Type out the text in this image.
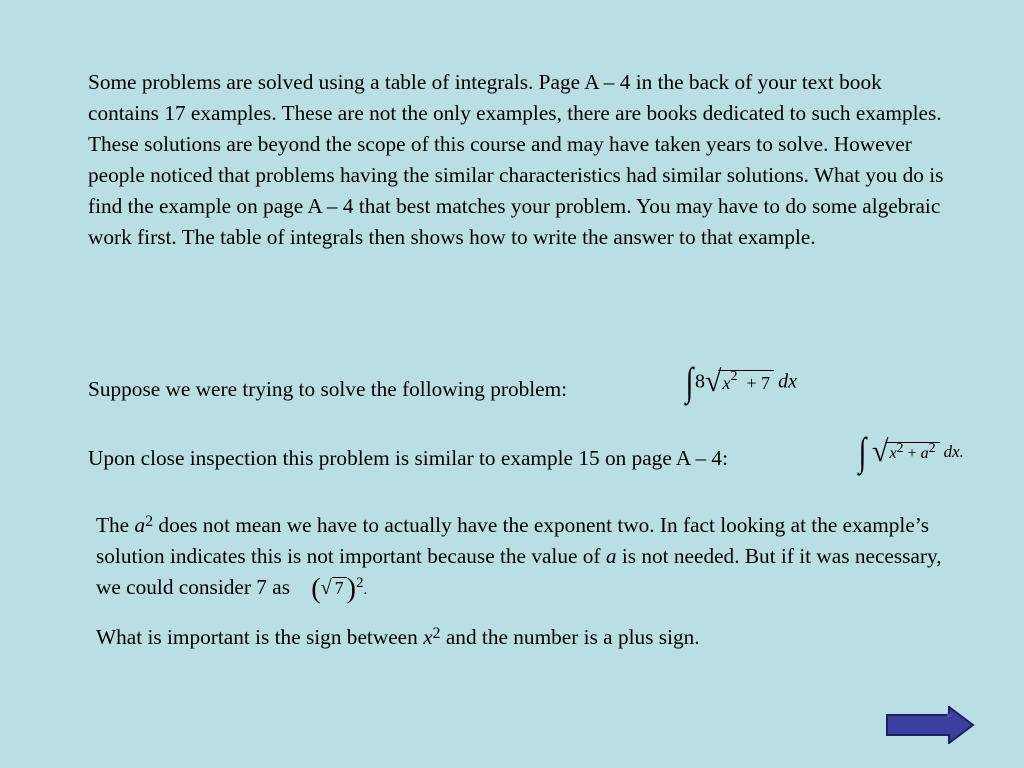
Some problems are solved using a table of integrals. Page A – 4 in the back of your text book contains 17 examples. These are not the only examples, there are books dedicated to such examples. These solutions are beyond the scope of this course and may have taken years to solve. However people noticed that problems having the similar characteristics had similar solutions. What you do is find the example on page A – 4 that best matches your problem. You may have to do some algebraic work first. The table of integrals then shows how to write the answer to that example.

Suppose we were trying to solve the following problem:	$\int 8√x^2 + 7$ dx
Upon close inspection this problem is similar to example 15 on page A – 4:	∫ √x2 + a2 dx.

The $a^2$ does not mean we have to actually have the exponent two. In fact looking at the example’s solution indicates this is not important because the value of a is not needed. But if it was necessary, we could consider 7 as    (√ 7 )$^2$.

What is important is the sign between $x^2$ and the number is a plus sign.
